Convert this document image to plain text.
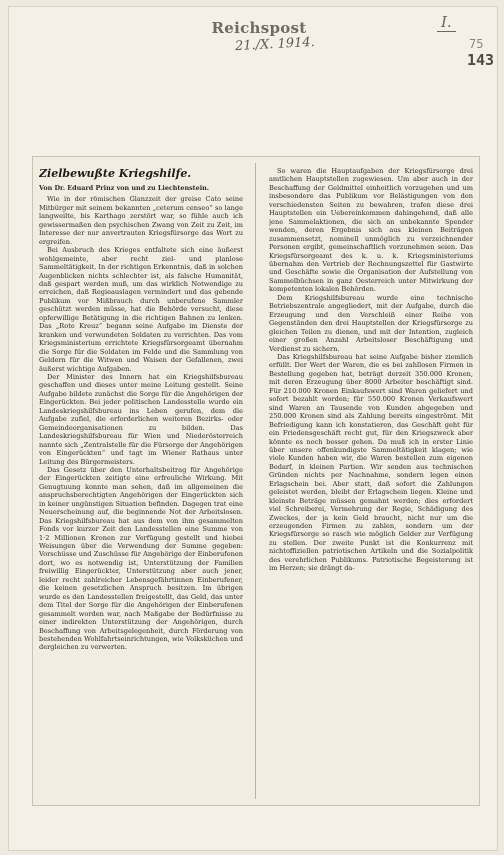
Reichspost
21./X. 1914.
I.
75
143
Zielbewußte Kriegshilfe.
Von Dr. Eduard Prinz von und zu Liechtenstein.

Wie in der römischen Glanzzeit der greise Cato seine Mitbürger mit seinem bekannten „ceterum censeo“ so lange langweilte, bis Karthago zerstört war, so fühle auch ich gewissermaßen den psychischen Zwang von Zeit zu Zeit, im Interesse der nur anvertrauten Kriegsfürsorge das Wort zu ergreifen.

Bei Ausbruch des Krieges entfaltete sich eine äußerst wohlgemeinte, aber recht ziel- und planlose Sammeltätigkeit. In der richtigen Erkenntnis, daß in solchen Augenblicken nichts schlechter ist, als falsche Humanität, daß gespart werden muß, um das wirklich Notwendige zu erreichen, daß Regieauslagen vermindert und das gebende Publikum vor Mißbrauch durch unberufene Sammler geschützt werden müsse, hat die Behörde versucht, diese opferwillige Betätigung in die richtigen Bahnen zu lenken. Das „Rote Kreuz“ begann seine Aufgabe im Dienste der kranken und verwundeten Soldaten zu verrichten. Das vom Kriegsministerium errichtete Kriegsfürsorgeamt übernahm die Sorge für die Soldaten im Felde und die Sammlung von Geldern für die Witwen und Waisen der Gefallenen, zwei äußerst wichtige Aufgaben.

Der Minister des Innern hat ein Kriegshilfsbureau geschaffen und dieses unter meine Leitung gestellt. Seine Aufgabe bildete zunächst die Sorge für die Angehörigen der Eingerückten. Bei jeder politischen Landesstelle wurde ein Landeskriegshilfsbureau ins Leben gerufen, dem die Aufgabe zufiel, die erforderlichen weiteren Bezirks- oder Gemeindeorganisationen zu bilden. Das Landeskriegshilfsbureau für Wien und Niederösterreich nannte sich „Zentralstelle für die Fürsorge der Angehörigen von Eingerückten“ und tagt im Wiener Rathaus unter Leitung des Bürgermeisters.

Das Gesetz über den Unterhaltsbeitrag für Angehörige der Eingerückten zeitigte eine erfreuliche Wirkung. Mit Genugtuung konnte man sehen, daß im allgemeinen die anspruchsberechtigten Angehörigen der Eingerückten sich in keiner ungünstigen Situation befinden. Dagegen trat eine Neuerscheinung auf, die beginnende Not der Arbeitslosen. Das Kriegshilfsbureau hat aus dem von ihm gesammelten Fonds vor kurzer Zeit den Landesstellen eine Summe von 1·2 Millionen Kronen zur Verfügung gestellt und hiebei Weisungen über die Verwendung der Summe gegeben: Vorschüsse und Zuschüsse für Angehörige der Einberufenen dort, wo es notwendig ist, Unterstützung der Familien freiwillig Eingerückter, Unterstützung aber auch jener, leider recht zahlreicher Lebensgefährtinnen Einberufener, die keinen gesetzlichen Anspruch besitzen. Im übrigen wurde es den Landesstellen freigestellt, das Geld, das unter dem Titel der Sorge für die Angehörigen der Einberufenen gesammelt worden war, nach Maßgabe der Bedürfnisse zu einer indirekten Unterstützung der Angehörigen, durch Beschaffung von Arbeitsgelegenheit, durch Förderung von bestehenden Wohlfahrtseinrichtungen, wie Volksküchen und dergleichen zu verwerten.

So waren die Hauptaufgaben der Kriegsfürsorge drei amtlichen Hauptstellen zugewiesen. Um aber auch in der Beschaffung der Geldmittel einheitlich vorzugehen und um insbesondere das Publikum vor Belästigungen von den verschiedensten Seiten zu bewahren, trafen diese drei Hauptstellen ein Uebereinkommen dahingehend, daß alle jene Sammelaktionen, die sich an unbekannte Spender wenden, deren Ergebnis sich aus kleinen Beiträgen zusammensetzt, nominell unmöglich zu verzeichnender Personen ergibt, gemeinschaftlich vorzunehmen seien. Das Kriegsfürsorgeamt des k. u. k. Kriegsministeriums übernahm den Vertrieb der Rechnungszettel für Gastwirte und Geschäfte sowie die Organisation der Aufstellung von Sammelbüchsen in ganz Oesterreich unter Mitwirkung der kompetenten lokalen Behörden.

Dem Kriegshilfsbureau wurde eine technische Betriebszentrale angegliedert, mit der Aufgabe, durch die Erzeugung und den Verschleiß einer Reihe von Gegenständen den drei Hauptstellen der Kriegsfürsorge zu gleichen Teilen zu dienen, und mit der Intention, zugleich einer großen Anzahl Arbeitsloser Beschäftigung und Verdienst zu sichern.

Das Kriegshilfsbureau hat seine Aufgabe bisher ziemlich erfüllt. Der Wert der Waren, die es bei zahllosen Firmen in Bestellung gegeben hat, beträgt derzeit 350.000 Kronen, mit deren Erzeugung über 8000 Arbeiter beschäftigt sind. Für 210.000 Kronen Einkaufswert sind Waren geliefert und sofort bezahlt worden; für 550.000 Kronen Verkaufswert sind Waren an Tausende von Kunden abgegeben und 250.000 Kronen sind als Zahlung bereits eingeströmt. Mit Befriedigung kann ich konstatieren, das Geschäft geht für ein Friedensgeschäft recht gut, für den Kriegszweck aber könnte es noch besser gehen. Da muß ich in erster Linie über unsere offenkundigste Sammeltätigkeit klagen; wie viele Kunden haben wir, die Waren bestellen zum eigenen Bedarf, in kleinen Partien. Wir senden aus technischen Gründen nichts per Nachnahme, sondern legen einen Erlagschein bei. Aber statt, daß sofort die Zahlungen geleistet werden, bleibt der Erlagschein liegen. Kleine und kleinste Beträge müssen gemahnt werden; dies erfordert viel Schreiberei, Vermehrung der Regie, Schädigung des Zweckes, der ja kein Geld braucht, nicht nur um die erzeugenden Firmen zu zahlen, sondern um der Kriegsfürsorge so rasch wie möglich Gelder zur Verfügung zu stellen. Der zweite Punkt ist die Konkurrenz mit nichtoffiziellen patriotischen Artikeln und die Sozialpolitik des verehrlichen Publikums. Patriotische Begeisterung ist im Herzen; sie drängt da-
